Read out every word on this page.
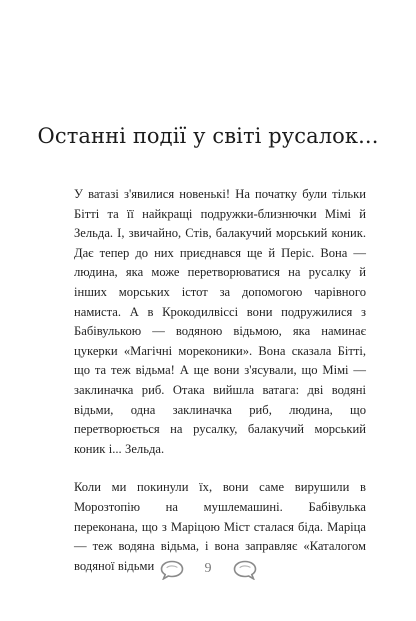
Останні події у світі русалок...

У ватазі з'явилися новенькі! На початку були тільки Бітті та її найкращі подружки-близнючки Мімі й Зельда. І, звичайно, Стів, балакучий морський коник. Дає тепер до них приєднався ще й Періс. Вона — людина, яка може перетворюватися на русалку й інших морських істот за допомогою чарівного намиста. А в Крокодилвіссі вони подружилися з Бабівулькою — водяною відьмою, яка наминає цукерки «Магічні мореконики». Вона сказала Бітті, що та теж відьма! А ще вони з'ясували, що Мімі — заклиначка риб. Отака вийшла ватага: дві водяні відьми, одна заклиначка риб, людина, що перетворюється на русалку, балакучий морський коник і... Зельда.

Коли ми покинули їх, вони саме вирушили в Морозтопію на мушлемашині. Бабівулька переконана, що з Маріцою Міст сталася біда. Маріца — теж водяна відьма, і вона заправляє «Каталогом водяної відьми	9
